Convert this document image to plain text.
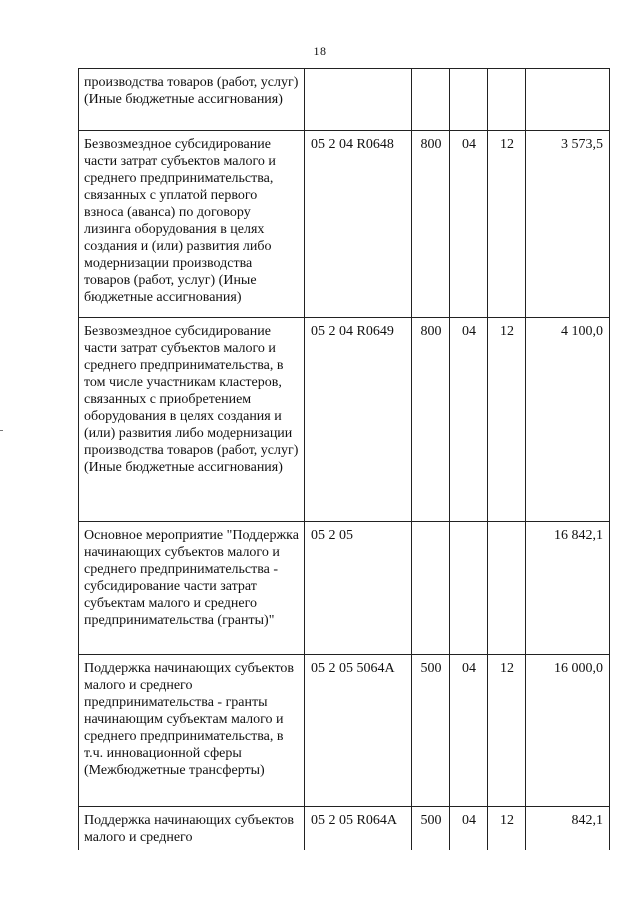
18
производства товаров (работ, услуг) (Иные бюджетные ассигнования)					
Безвозмездное субсидирование части затрат субъектов малого и среднего предпринимательства, связанных с уплатой первого взноса (аванса) по договору лизинга оборудования в целях создания и (или) развития либо модернизации производства товаров (работ, услуг) (Иные бюджетные ассигнования)	05 2 04 R0648	800	04	12	3 573,5
Безвозмездное субсидирование части затрат субъектов малого и среднего предпринимательства, в том числе участникам кластеров, связанных с приобретением оборудования в целях создания и (или) развития либо модернизации производства товаров (работ, услуг) (Иные бюджетные ассигнования)	05 2 04 R0649	800	04	12	4 100,0
Основное мероприятие "Поддержка начинающих субъектов малого и среднего предпринимательства - субсидирование части затрат субъектам малого и среднего предпринимательства (гранты)"	05 2 05				16 842,1
Поддержка начинающих субъектов малого и среднего предпринимательства - гранты начинающим субъектам малого и среднего предпринимательства, в т.ч. инновационной сферы (Межбюджетные трансферты)	05 2 05 5064А	500	04	12	16 000,0
Поддержка начинающих субъектов малого и среднего	05 2 05 R064А	500	04	12	842,1
